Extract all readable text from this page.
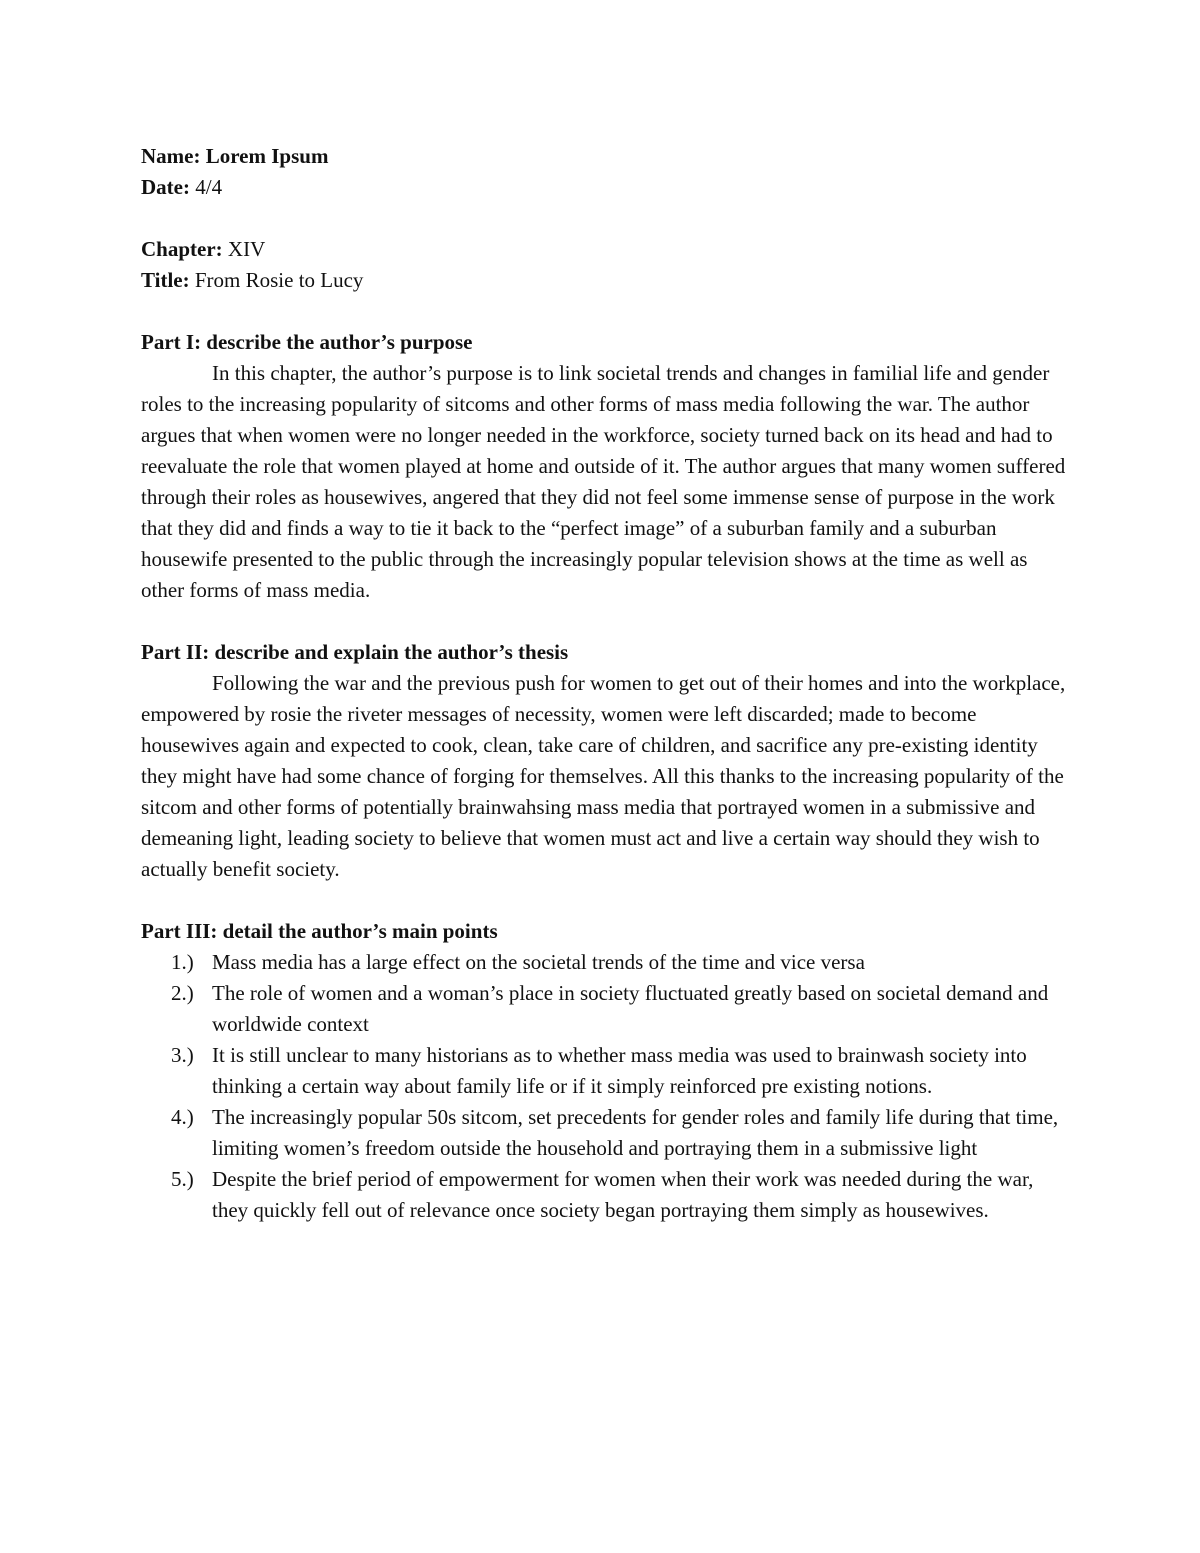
Name: Lorem Ipsum

Date: 4/4

Chapter: XIV

Title: From Rosie to Lucy

Part I: describe the author’s purpose

In this chapter, the author’s purpose is to link societal trends and changes in familial life and gender roles to the increasing popularity of sitcoms and other forms of mass media following the war. The author argues that when women were no longer needed in the workforce, society turned back on its head and had to reevaluate the role that women played at home and outside of it. The author argues that many women suffered through their roles as housewives, angered that they did not feel some immense sense of purpose in the work that they did and finds a way to tie it back to the “perfect image” of a suburban family and a suburban housewife presented to the public through the increasingly popular television shows at the time as well as other forms of mass media.

Part II: describe and explain the author’s thesis

Following the war and the previous push for women to get out of their homes and into the workplace, empowered by rosie the riveter messages of necessity, women were left discarded; made to become housewives again and expected to cook, clean, take care of children, and sacrifice any pre-existing identity they might have had some chance of forging for themselves. All this thanks to the increasing popularity of the sitcom and other forms of potentially brainwahsing mass media that portrayed women in a submissive and demeaning light, leading society to believe that women must act and live a certain way should they wish to actually benefit society.

Part III: detail the author’s main points

1.) Mass media has a large effect on the societal trends of the time and vice versa
2.) The role of women and a woman’s place in society fluctuated greatly based on societal demand and worldwide context
3.) It is still unclear to many historians as to whether mass media was used to brainwash society into thinking a certain way about family life or if it simply reinforced pre existing notions.
4.) The increasingly popular 50s sitcom, set precedents for gender roles and family life during that time, limiting women’s freedom outside the household and portraying them in a submissive light
5.) Despite the brief period of empowerment for women when their work was needed during the war, they quickly fell out of relevance once society began portraying them simply as housewives.
